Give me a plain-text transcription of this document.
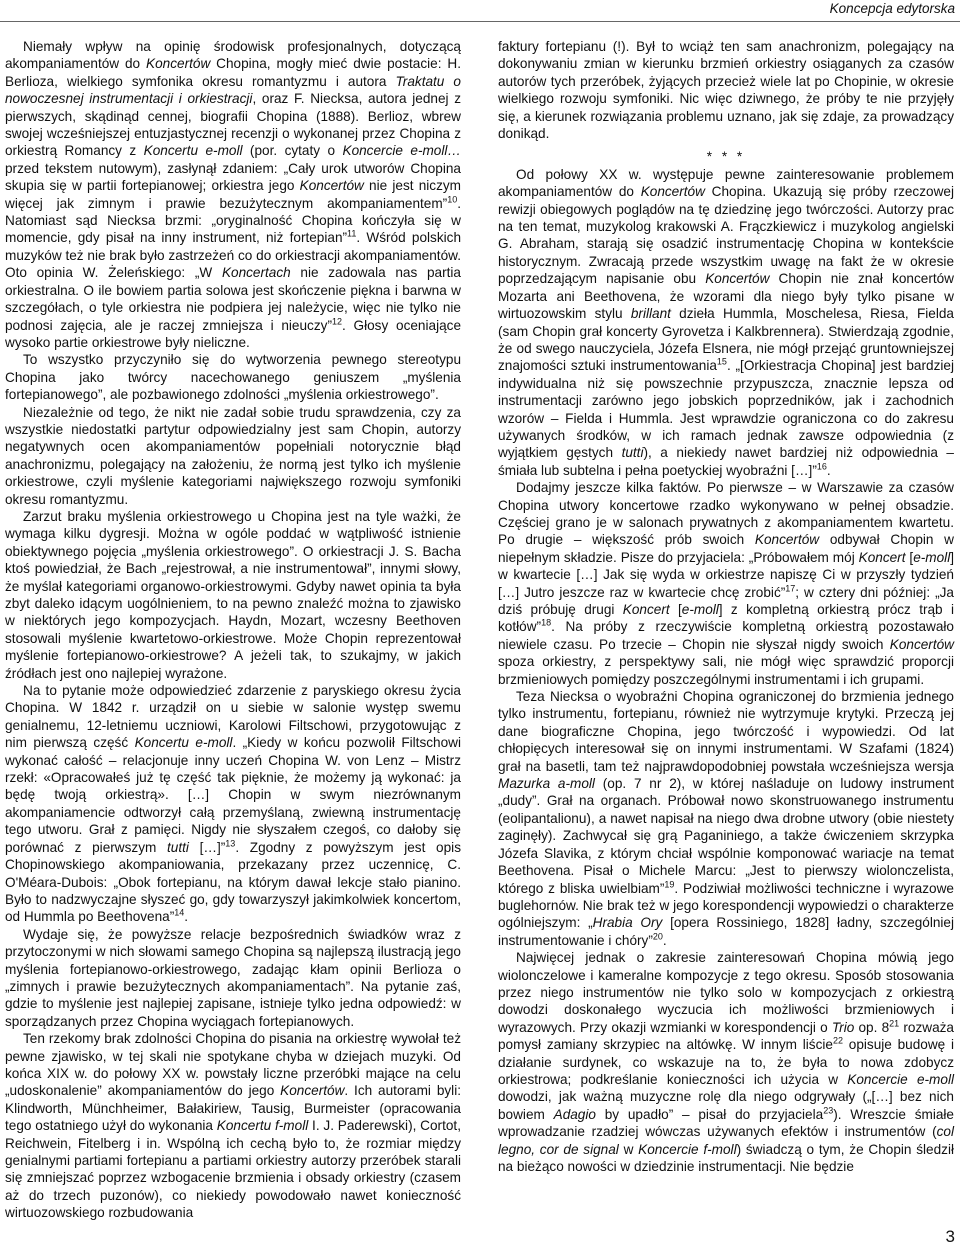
Koncepcja edytorska

Niemały wpływ na opinię środowisk profesjonalnych, dotyczącą akompaniamentów do Koncertów Chopina, mogły mieć dwie postacie: H. Berlioza, wielkiego symfonika okresu romantyzmu i autora Traktatu o nowoczesnej instrumentacji i orkiestracji, oraz F. Niecksa, autora jednej z pierwszych, skądinąd cennej, biografii Chopina (1888). Berlioz, wbrew swojej wcześniejszej entuzjastycznej recenzji o wykonanej przez Chopina z orkiestrą Romancy z Koncertu e-moll (por. cytaty o Koncercie e-moll… przed tekstem nutowym), zasłynął zdaniem: „Cały urok utworów Chopina skupia się w partii fortepianowej; orkiestra jego Koncertów nie jest niczym więcej jak zimnym i prawie bezużytecznym akompaniamentem”$^{10}$. Natomiast sąd Niecksa brzmi: „oryginalność Chopina kończyła się w momencie, gdy pisał na inny instrument, niż fortepian”$^{11}$. Wśród polskich muzyków też nie brak było zastrzeżeń co do orkiestracji akompaniamentów. Oto opinia W. Żeleńskiego: „W Koncertach nie zadowala nas partia orkiestralna. O ile bowiem partia solowa jest skończenie piękna i barwna w szczegółach, o tyle orkiestra nie podpiera jej należycie, więc nie tylko nie podnosi zajęcia, ale je raczej zmniejsza i nieuczy”$^{12}$. Głosy oceniające wysoko partie orkiestrowe były nieliczne.

To wszystko przyczyniło się do wytworzenia pewnego stereotypu Chopina jako twórcy nacechowanego geniuszem „myślenia fortepianowego”, ale pozbawionego zdolności „myślenia orkiestrowego”.

Niezależnie od tego, że nikt nie zadał sobie trudu sprawdzenia, czy za wszystkie niedostatki partytur odpowiedzialny jest sam Chopin, autorzy negatywnych ocen akompaniamentów popełniali notorycznie błąd anachronizmu, polegający na założeniu, że normą jest tylko ich myślenie orkiestrowe, czyli myślenie kategoriami największego rozwoju symfoniki okresu romantyzmu.

Zarzut braku myślenia orkiestrowego u Chopina jest na tyle ważki, że wymaga kilku dygresji. Można w ogóle poddać w wątpliwość istnienie obiektywnego pojęcia „myślenia orkiestrowego”. O orkiestracji J. S. Bacha ktoś powiedział, że Bach „rejestrował, a nie instrumentował”, innymi słowy, że myślał kategoriami organowo-orkiestrowymi. Gdyby nawet opinia ta była zbyt daleko idącym uogólnieniem, to na pewno znaleźć można to zjawisko w niektórych jego kompozycjach. Haydn, Mozart, wczesny Beethoven stosowali myślenie kwartetowo-orkiestrowe. Może Chopin reprezentował myślenie fortepianowo-orkiestrowe? A jeżeli tak, to szukajmy, w jakich źródłach jest ono najlepiej wyrażone.

Na to pytanie może odpowiedzieć zdarzenie z paryskiego okresu życia Chopina. W 1842 r. urządził on u siebie w salonie występ swemu genialnemu, 12-letniemu uczniowi, Karolowi Filtschowi, przygotowując z nim pierwszą część Koncertu e-moll. „Kiedy w końcu pozwolił Filtschowi wykonać całość – relacjonuje inny uczeń Chopina W. von Lenz – Mistrz rzekł: «Opracowałeś już tę część tak pięknie, że możemy ją wykonać: ja będę twoją orkiestrą». […] Chopin w swym niezrównanym akompaniamencie odtworzył całą przemyślaną, zwiewną instrumentację tego utworu. Grał z pamięci. Nigdy nie słyszałem czegoś, co dałoby się porównać z pierwszym tutti […]”$^{13}$. Zgodny z powyższym jest opis Chopinowskiego akompaniowania, przekazany przez uczennicę, C. O'Méara-Dubois: „Obok fortepianu, na którym dawał lekcje stało pianino. Było to nadzwyczajne słyszeć go, gdy towarzyszył jakimkolwiek koncertom, od Hummla po Beethovena”$^{14}$.

Wydaje się, że powyższe relacje bezpośrednich świadków wraz z przytoczonymi w nich słowami samego Chopina są najlepszą ilustracją jego myślenia fortepianowo-orkiestrowego, zadając kłam opinii Berlioza o „zimnych i prawie bezużytecznych akompaniamentach”. Na pytanie zaś, gdzie to myślenie jest najlepiej zapisane, istnieje tylko jedna odpowiedź: w sporządzanych przez Chopina wyciągach fortepianowych.

Ten rzekomy brak zdolności Chopina do pisania na orkiestrę wywołał też pewne zjawisko, w tej skali nie spotykane chyba w dziejach muzyki. Od końca XIX w. do połowy XX w. powstały liczne przeróbki mające na celu „udoskonalenie” akompaniamentów do jego Koncertów. Ich autorami byli: Klindworth, Münchheimer, Bałakiriew, Tausig, Burmeister (opracowania tego ostatniego użył do wykonania Koncertu f-moll I. J. Paderewski), Cortot, Reichwein, Fitelberg i in. Wspólną ich cechą było to, że rozmiar między genialnymi partiami fortepianu a partiami orkiestry autorzy przeróbek starali się zmniejszać poprzez wzbogacenie brzmienia i obsady orkiestry (czasem aż do trzech puzonów), co niekiedy powodowało nawet konieczność wirtuozowskiego rozbudowania

faktury fortepianu (!). Był to wciąż ten sam anachronizm, polegający na dokonywaniu zmian w kierunku brzmień orkiestry osiąganych za czasów autorów tych przeróbek, żyjących przecież wiele lat po Chopinie, w okresie wielkiego rozwoju symfoniki. Nic więc dziwnego, że próby te nie przyjęły się, a kierunek rozwiązania problemu uznano, jak się zdaje, za prowadzący donikąd.

* * *

Od połowy XX w. występuje pewne zainteresowanie problemem akompaniamentów do Koncertów Chopina. Ukazują się próby rzeczowej rewizji obiegowych poglądów na tę dziedzinę jego twórczości. Autorzy prac na ten temat, muzykolog krakowski A. Frączkiewicz i muzykolog angielski G. Abraham, starają się osadzić instrumentację Chopina w kontekście historycznym. Zwracają przede wszystkim uwagę na fakt że w okresie poprzedzającym napisanie obu Koncertów Chopin nie znał koncertów Mozarta ani Beethovena, że wzorami dla niego były tylko pisane w wirtuozowskim stylu brillant dzieła Hummla, Moschelesa, Riesa, Fielda (sam Chopin grał koncerty Gyrovetza i Kalkbrennera). Stwierdzają zgodnie, że od swego nauczyciela, Józefa Elsnera, nie mógł przejąć gruntowniejszej znajomości sztuki instrumentowania$^{15}$. „[Orkiestracja Chopina] jest bardziej indywidualna niż się powszechnie przypuszcza, znacznie lepsza od instrumentacji zarówno jego jobskich poprzedników, jak i zachodnich wzorów – Fielda i Hummla. Jest wprawdzie ograniczona co do zakresu używanych środków, w ich ramach jednak zawsze odpowiednia (z wyjątkiem gęstych tutti), a niekiedy nawet bardziej niż odpowiednia – śmiała lub subtelna i pełna poetyckiej wyobraźni […]”$^{16}$.

Dodajmy jeszcze kilka faktów. Po pierwsze – w Warszawie za czasów Chopina utwory koncertowe rzadko wykonywano w pełnej obsadzie. Częściej grano je w salonach prywatnych z akompaniamentem kwartetu. Po drugie – większość prób swoich Koncertów odbywał Chopin w niepełnym składzie. Pisze do przyjaciela: „Próbowałem mój Koncert [e-moll] w kwartecie […] Jak się wyda w orkiestrze napiszę Ci w przyszły tydzień […] Jutro jeszcze raz w kwartecie chcę zrobić”$^{17}$; w cztery dni później: „Ja dziś próbuję drugi Koncert [e-moll] z kompletną orkiestrą prócz trąb i kotłów”$^{18}$. Na próby z rzeczywiście kompletną orkiestrą pozostawało niewiele czasu. Po trzecie – Chopin nie słyszał nigdy swoich Koncertów spoza orkiestry, z perspektywy sali, nie mógł więc sprawdzić proporcji brzmieniowych pomiędzy poszczególnymi instrumentami i ich grupami.

Teza Niecksa o wyobraźni Chopina ograniczonej do brzmienia jednego tylko instrumentu, fortepianu, również nie wytrzymuje krytyki. Przeczą jej dane biograficzne Chopina, jego twórczość i wypowiedzi. Od lat chłopięcych interesował się on innymi instrumentami. W Szafami (1824) grał na basetli, tam też najprawdopodobniej powstała wcześniejsza wersja Mazurka a-moll (op. 7 nr 2), w której naśladuje on ludowy instrument „dudy”. Grał na organach. Próbował nowo skonstruowanego instrumentu (eolipantalionu), a nawet napisał na niego dwa drobne utwory (obie niestety zaginęły). Zachwycał się grą Paganiniego, a także ćwiczeniem skrzypka Józefa Slavika, z którym chciał wspólnie komponować wariacje na temat Beethovena. Pisał o Michele Marcu: „Jest to pierwszy wiolonczelista, którego z bliska uwielbiam”$^{19}$. Podziwiał możliwości techniczne i wyrazowe buglehornów. Nie brak też w jego korespondencji wypowiedzi o charakterze ogólniejszym: „Hrabia Ory [opera Rossiniego, 1828] ładny, szczególniej instrumentowanie i chóry”$^{20}$.

Najwięcej jednak o zakresie zainteresowań Chopina mówią jego wiolonczelowe i kameralne kompozycje z tego okresu. Sposób stosowania przez niego instrumentów nie tylko solo w kompozycjach z orkiestrą dowodzi doskonałego wyczucia ich możliwości brzmieniowych i wyrazowych. Przy okazji wzmianki w korespondencji o Trio op. $8^{21}$ rozważa pomysł zamiany skrzypiec na altówkę. W innym liście$^{22}$ opisuje budowę i działanie surdynek, co wskazuje na to, że była to nowa zdobycz orkiestrowa; podkreślanie konieczności ich użycia w Koncercie e-moll dowodzi, jak ważną muzyczne rolę dla niego odgrywały („[…] bez nich bowiem Adagio by upadło” – pisał do przyjaciela$^{23}$). Wreszcie śmiałe wprowadzanie rzadziej wówczas używanych efektów i instrumentów (col legno, cor de signal w Koncercie f-moll) świadczą o tym, że Chopin śledził na bieżąco nowości w dziedzinie instrumentacji. Nie będzie

3
